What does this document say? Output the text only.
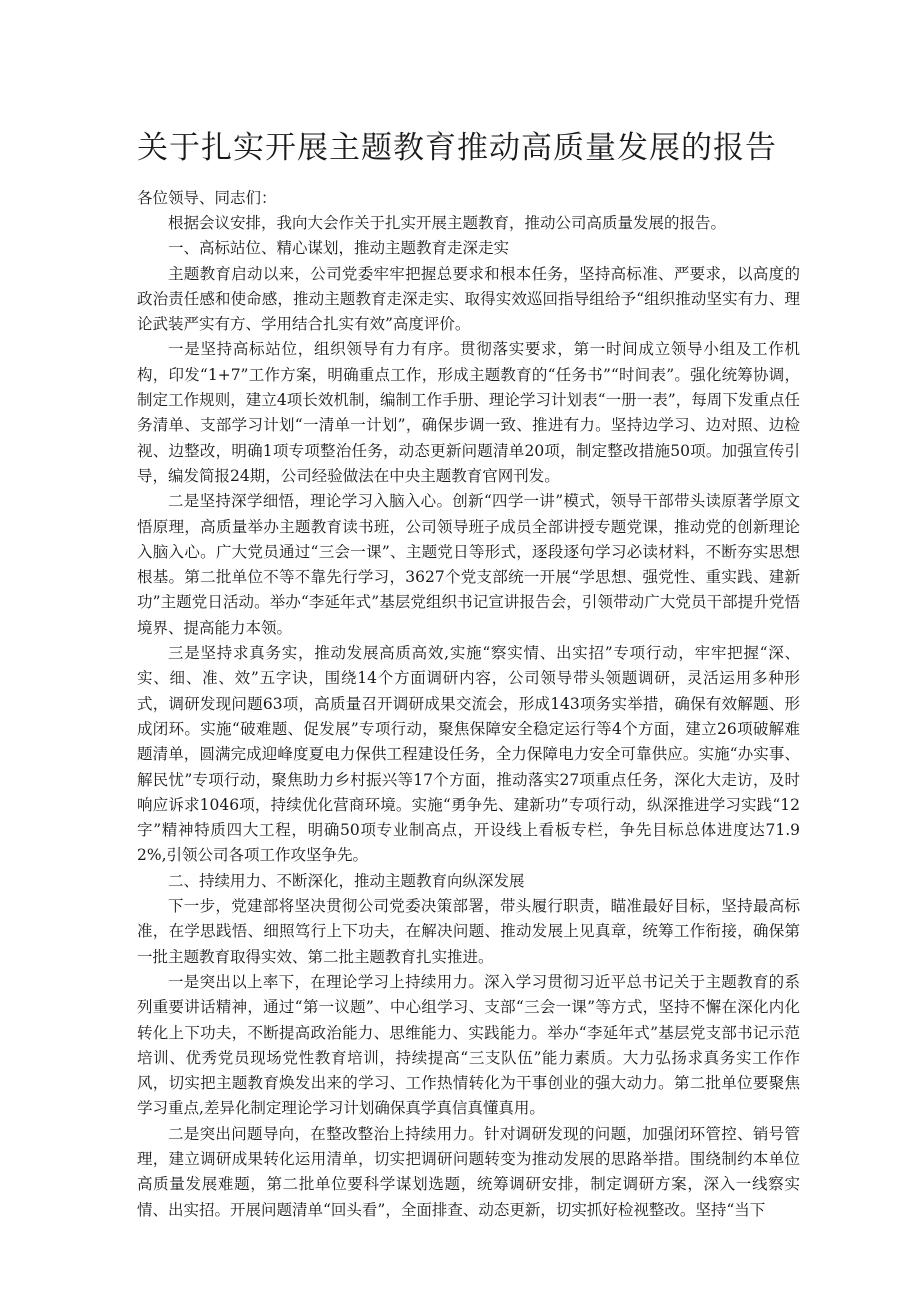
关于扎实开展主题教育推动高质量发展的报告

各位领导、同志们：

根据会议安排，我向大会作关于扎实开展主题教育，推动公司高质量发展的报告。

一、高标站位、精心谋划，推动主题教育走深走实

主题教育启动以来，公司党委牢牢把握总要求和根本任务，坚持高标准、严要求，以高度的政治责任感和使命感，推动主题教育走深走实、取得实效巡回指导组给予“组织推动坚实有力、理论武装严实有方、学用结合扎实有效”高度评价。

一是坚持高标站位，组织领导有力有序。贯彻落实要求，第一时间成立领导小组及工作机构，印发“1+7”工作方案，明确重点工作，形成主题教育的“任务书”“时间表”。强化统筹协调，制定工作规则，建立4项长效机制，编制工作手册、理论学习计划表“一册一表”，每周下发重点任务清单、支部学习计划“一清单一计划”，确保步调一致、推进有力。坚持边学习、边对照、边检视、边整改，明确1项专项整治任务，动态更新问题清单20项，制定整改措施50项。加强宣传引导，编发简报24期，公司经验做法在中央主题教育官网刊发。

二是坚持深学细悟，理论学习入脑入心。创新“四学一讲”模式，领导干部带头读原著学原文悟原理，高质量举办主题教育读书班，公司领导班子成员全部讲授专题党课，推动党的创新理论入脑入心。广大党员通过“三会一课”、主题党日等形式，逐段逐句学习必读材料，不断夯实思想根基。第二批单位不等不靠先行学习，3627个党支部统一开展“学思想、强党性、重实践、建新功”主题党日活动。举办“李延年式”基层党组织书记宣讲报告会，引领带动广大党员干部提升党悟境界、提高能力本领。

三是坚持求真务实，推动发展高质高效,实施“察实情、出实招”专项行动，牢牢把握“深、实、细、准、效”五字诀，围绕14个方面调研内容，公司领导带头领题调研，灵活运用多种形式，调研发现问题63项，高质量召开调研成果交流会，形成143项务实举措，确保有效解题、形成闭环。实施“破难题、促发展”专项行动，聚焦保障安全稳定运行等4个方面，建立26项破解难题清单，圆满完成迎峰度夏电力保供工程建设任务，全力保障电力安全可靠供应。实施“办实事、解民忧”专项行动，聚焦助力乡村振兴等17个方面，推动落实27项重点任务，深化大走访，及时响应诉求1046项，持续优化营商环境。实施“勇争先、建新功”专项行动，纵深推进学习实践“12字”精神特质四大工程，明确50项专业制高点，开设线上看板专栏，争先目标总体进度达71.92%,引领公司各项工作攻坚争先。

二、持续用力、不断深化，推动主题教育向纵深发展

下一步，党建部将坚决贯彻公司党委决策部署，带头履行职责，瞄准最好目标，坚持最高标准，在学思践悟、细照笃行上下功夫，在解决问题、推动发展上见真章，统筹工作衔接，确保第一批主题教育取得实效、第二批主题教育扎实推进。

一是突出以上率下，在理论学习上持续用力。深入学习贯彻习近平总书记关于主题教育的系列重要讲话精神，通过“第一议题”、中心组学习、支部“三会一课”等方式，坚持不懈在深化内化转化上下功夫，不断提高政治能力、思维能力、实践能力。举办“李延年式”基层党支部书记示范培训、优秀党员现场党性教育培训，持续提高“三支队伍”能力素质。大力弘扬求真务实工作作风，切实把主题教育焕发出来的学习、工作热情转化为干事创业的强大动力。第二批单位要聚焦学习重点,差异化制定理论学习计划确保真学真信真懂真用。

二是突出问题导向，在整改整治上持续用力。针对调研发现的问题，加强闭环管控、销号管理，建立调研成果转化运用清单，切实把调研问题转变为推动发展的思路举措。围绕制约本单位高质量发展难题，第二批单位要科学谋划选题，统筹调研安排，制定调研方案，深入一线察实情、出实招。开展问题清单“回头看”，全面排查、动态更新，切实抓好检视整改。坚持“当下
